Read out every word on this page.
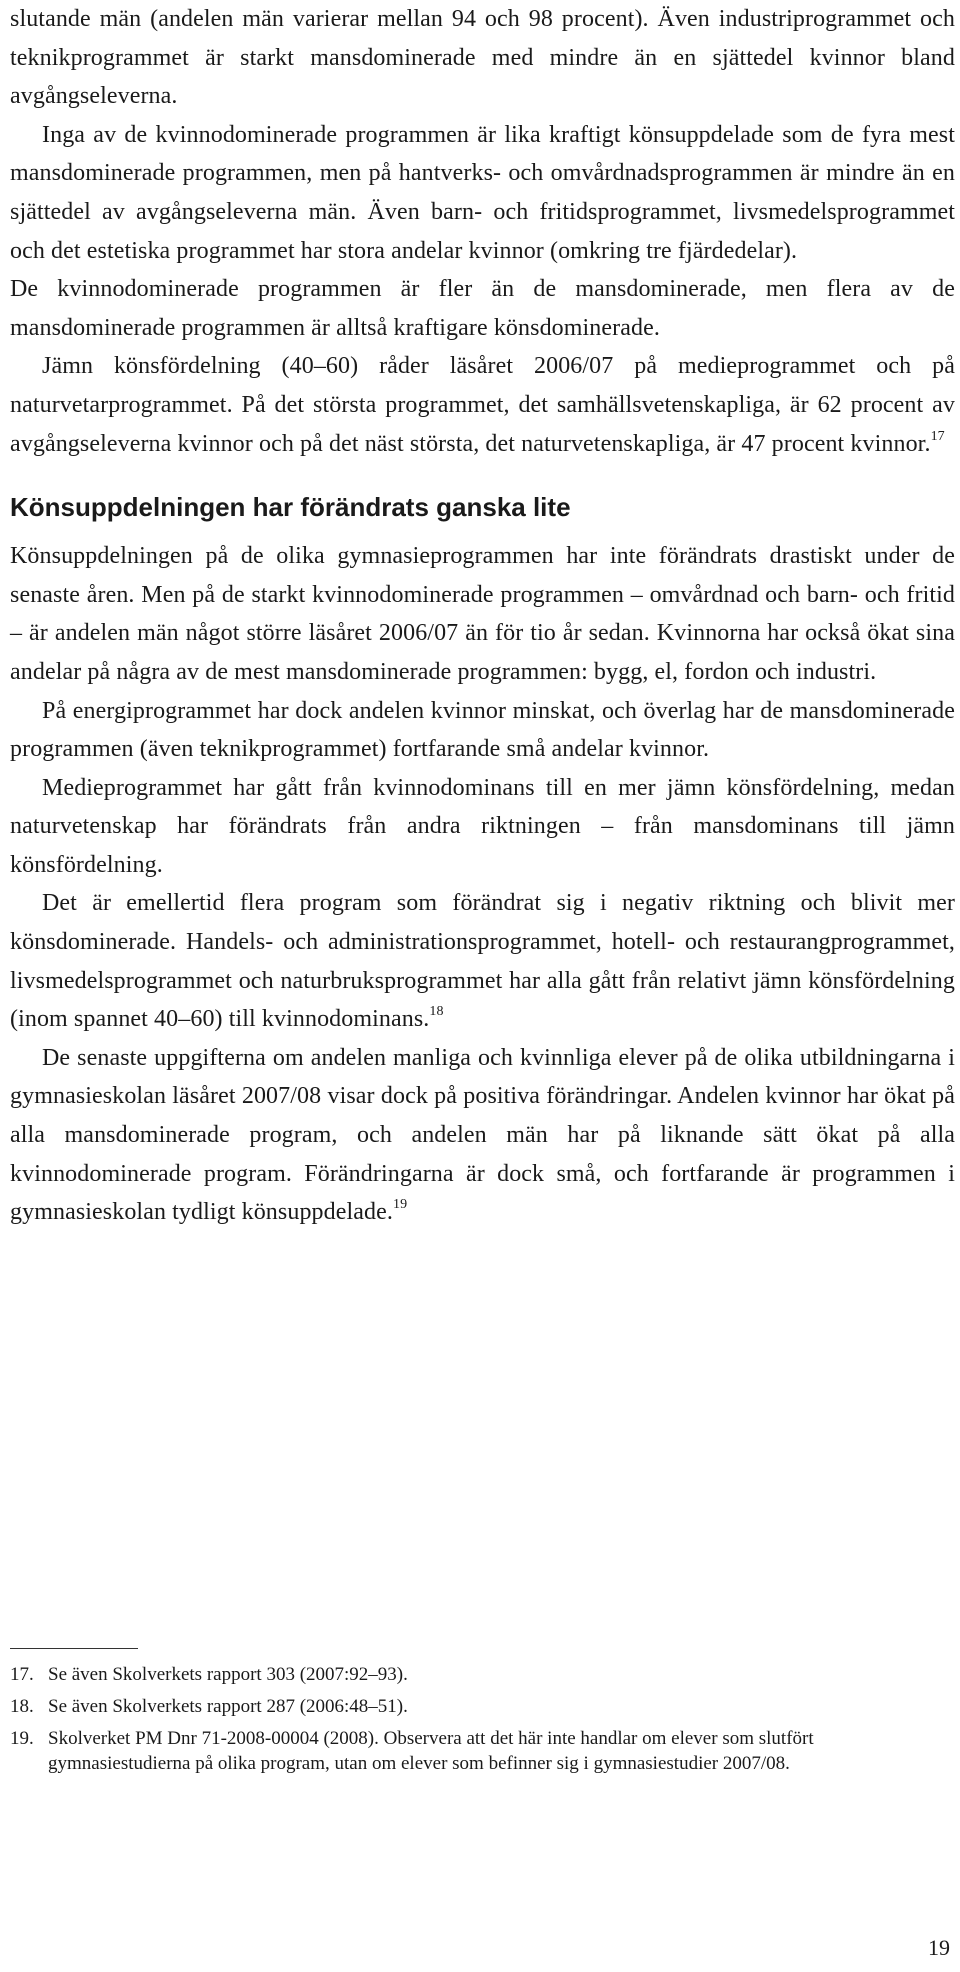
slutande män (andelen män varierar mellan 94 och 98 procent). Även industriprogrammet och teknikprogrammet är starkt mansdominerade med mindre än en sjättedel kvinnor bland avgångseleverna.

Inga av de kvinnodominerade programmen är lika kraftigt könsuppdelade som de fyra mest mansdominerade programmen, men på hantverks- och omvårdnadsprogrammen är mindre än en sjättedel av avgångseleverna män. Även barn- och fritidsprogrammet, livsmedelsprogrammet och det estetiska programmet har stora andelar kvinnor (omkring tre fjärdedelar).

De kvinnodominerade programmen är fler än de mansdominerade, men flera av de mansdominerade programmen är alltså kraftigare könsdominerade.

Jämn könsfördelning (40–60) råder läsåret 2006/07 på medieprogrammet och på naturvetarprogrammet. På det största programmet, det samhällsvetenskapliga, är 62 procent av avgångseleverna kvinnor och på det näst största, det naturvetenskapliga, är 47 procent kvinnor.$^{17}$

Könsuppdelningen har förändrats ganska lite

Könsuppdelningen på de olika gymnasieprogrammen har inte förändrats drastiskt under de senaste åren. Men på de starkt kvinnodominerade programmen – omvårdnad och barn- och fritid – är andelen män något större läsåret 2006/07 än för tio år sedan. Kvinnorna har också ökat sina andelar på några av de mest mansdominerade programmen: bygg, el, fordon och industri.

På energiprogrammet har dock andelen kvinnor minskat, och överlag har de mansdominerade programmen (även teknikprogrammet) fortfarande små andelar kvinnor.

Medieprogrammet har gått från kvinnodominans till en mer jämn könsfördelning, medan naturvetenskap har förändrats från andra riktningen – från mansdominans till jämn könsfördelning.

Det är emellertid flera program som förändrat sig i negativ riktning och blivit mer könsdominerade. Handels- och administrationsprogrammet, hotell- och restaurangprogrammet, livsmedelsprogrammet och naturbruksprogrammet har alla gått från relativt jämn könsfördelning (inom spannet 40–60) till kvinnodominans.$^{18}$

De senaste uppgifterna om andelen manliga och kvinnliga elever på de olika utbildningarna i gymnasieskolan läsåret 2007/08 visar dock på positiva förändringar. Andelen kvinnor har ökat på alla mansdominerade program, och andelen män har på liknande sätt ökat på alla kvinnodominerade program. Förändringarna är dock små, och fortfarande är programmen i gymnasieskolan tydligt könsuppdelade.$^{19}$

17. Se även Skolverkets rapport 303 (2007:92–93).
18. Se även Skolverkets rapport 287 (2006:48–51).
19. Skolverket PM Dnr 71-2008-00004 (2008). Observera att det här inte handlar om elever som slutfört gymnasiestudierna på olika program, utan om elever som befinner sig i gymnasiestudier 2007/08.
19
